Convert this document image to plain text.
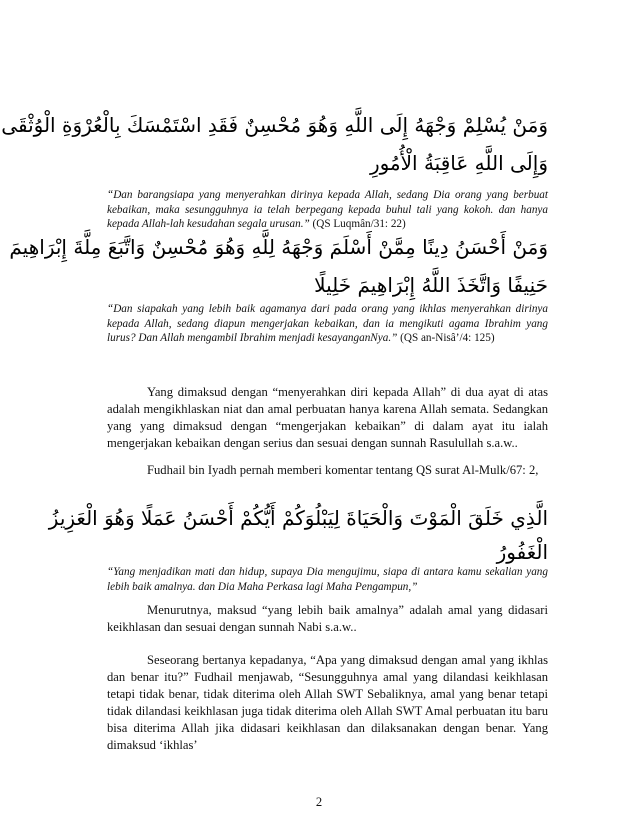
وَمَنْ يُسْلِمْ وَجْهَهُ إِلَى اللَّهِ وَهُوَ مُحْسِنٌ فَقَدِ اسْتَمْسَكَ بِالْعُرْوَةِ الْوُثْقَى
وَإِلَى اللَّهِ عَاقِبَةُ الْأُمُورِ
“Dan barangsiapa yang menyerahkan dirinya kepada Allah, sedang Dia orang yang berbuat kebaikan, maka sesungguhnya ia telah berpegang kepada buhul tali yang kokoh. dan hanya kepada Allah-lah kesudahan segala urusan.” (QS Luqmân/31: 22)
وَمَنْ أَحْسَنُ دِينًا مِمَّنْ أَسْلَمَ وَجْهَهُ لِلَّهِ وَهُوَ مُحْسِنٌ وَاتَّبَعَ مِلَّةَ إِبْرَاهِيمَ
حَنِيفًا وَاتَّخَذَ اللَّهُ إِبْرَاهِيمَ خَلِيلًا
“Dan siapakah yang lebih baik agamanya dari pada orang yang ikhlas menyerahkan dirinya kepada Allah, sedang diapun mengerjakan kebaikan, dan ia mengikuti agama Ibrahim yang lurus? Dan Allah mengambil Ibrahim menjadi kesayanganNya.” (QS an-Nisâ’/4: 125)

Yang dimaksud dengan “menyerahkan diri kepada Allah” di dua ayat di atas adalah mengikhlaskan niat dan amal perbuatan hanya karena Allah semata. Sedangkan yang yang dimaksud dengan “mengerjakan kebaikan” di dalam ayat itu ialah mengerjakan kebaikan dengan serius dan sesuai dengan sunnah Rasulullah s.a.w..

Fudhail bin Iyadh pernah memberi komentar tentang QS surat Al-Mulk/67: 2,

الَّذِي خَلَقَ الْمَوْتَ وَالْحَيَاةَ لِيَبْلُوَكُمْ أَيُّكُمْ أَحْسَنُ عَمَلًا وَهُوَ الْعَزِيزُ
الْغَفُورُ
“Yang menjadikan mati dan hidup, supaya Dia mengujimu, siapa di antara kamu sekalian yang lebih baik amalnya. dan Dia Maha Perkasa lagi Maha Pengampun,”

Menurutnya, maksud “yang lebih baik amalnya” adalah amal yang didasari keikhlasan dan sesuai dengan sunnah Nabi s.a.w..

Seseorang bertanya kepadanya, “Apa yang dimaksud dengan amal yang ikhlas dan benar itu?” Fudhail menjawab, “Sesungguhnya amal yang dilandasi keikhlasan tetapi tidak benar, tidak diterima oleh Allah SWT Sebaliknya, amal yang benar tetapi tidak dilandasi keikhlasan juga tidak diterima oleh Allah SWT Amal perbuatan itu baru bisa diterima Allah jika didasari keikhlasan dan dilaksanakan dengan benar. Yang dimaksud ‘ikhlas’

2
